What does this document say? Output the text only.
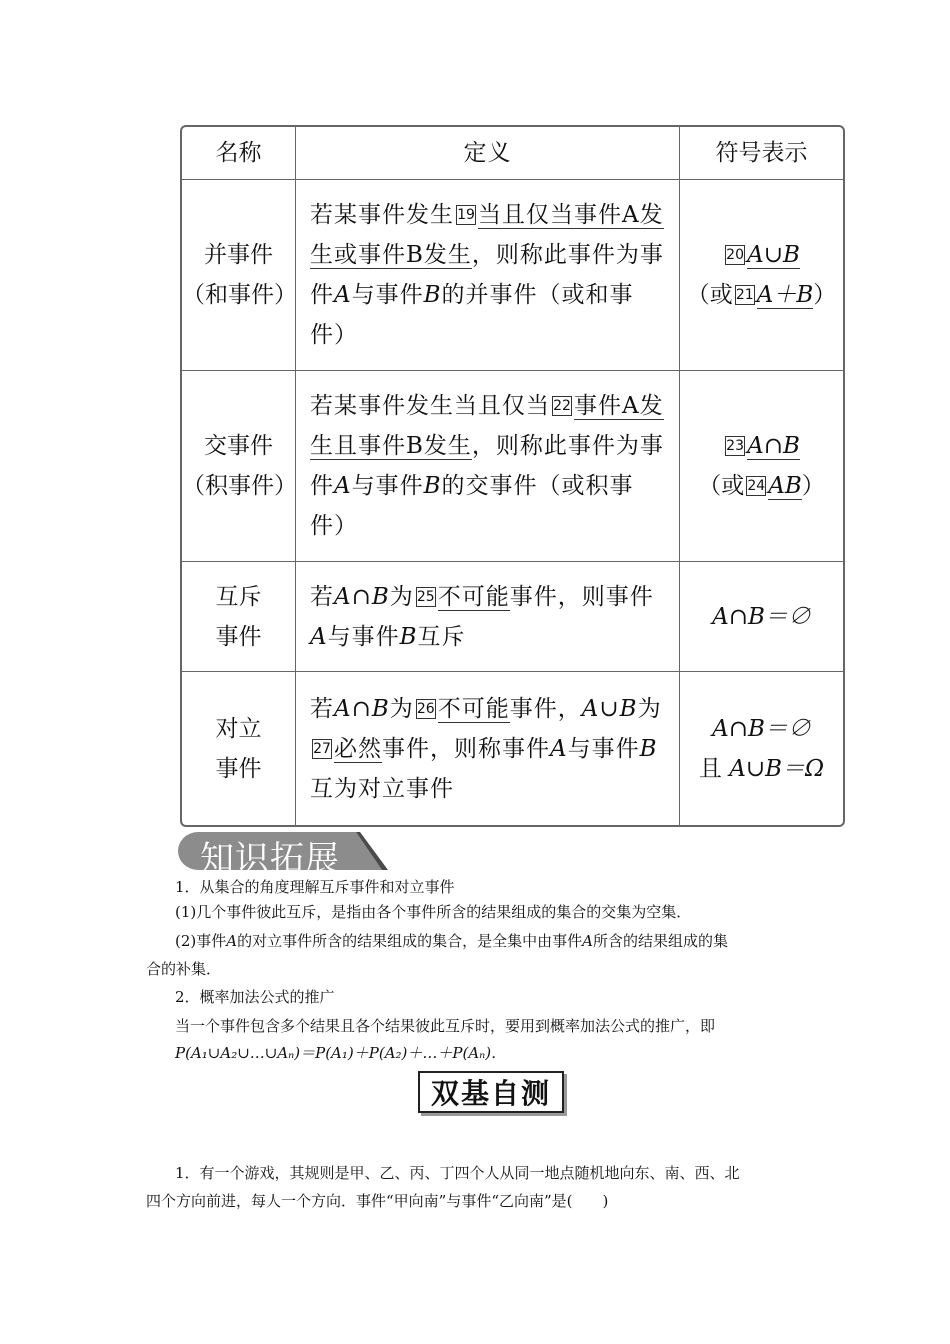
名称	定义	符号表示
并事件
（和事件）
若某事件发生 19 当且仅当事件A发生或事件B发生，则称此事件为事件A与事件B的并事件（或和事件）
20 A∪B
（或 21 A＋B）
交事件
（积事件）
若某事件发生当且仅当 22 事件A发生且事件B发生，则称此事件为事件A与事件B的交事件（或积事件）
23 A∩B
（或 24 AB）
互斥
事件
若A∩B为 25 不可能事件，则事件A与事件B互斥
A∩B＝∅
对立
事件
若A∩B为 26 不可能事件，A∪B为27 必然事件，则称事件A与事件B互为对立事件
A∩B＝∅
且 A∪B＝Ω
知识拓展
1．从集合的角度理解互斥事件和对立事件
(1)几个事件彼此互斥，是指由各个事件所含的结果组成的集合的交集为空集．
(2)事件A的对立事件所含的结果组成的集合，是全集中由事件A所含的结果组成的集
合的补集．
2．概率加法公式的推广
当一个事件包含多个结果且各个结果彼此互斥时，要用到概率加法公式的推广，即
P(A₁∪A₂∪…∪Aₙ)＝P(A₁)＋P(A₂)＋…＋P(Aₙ)．
双基自测
1．有一个游戏，其规则是甲、乙、丙、丁四个人从同一地点随机地向东、南、西、北
四个方向前进，每人一个方向．事件“甲向南”与事件“乙向南”是(　　)
